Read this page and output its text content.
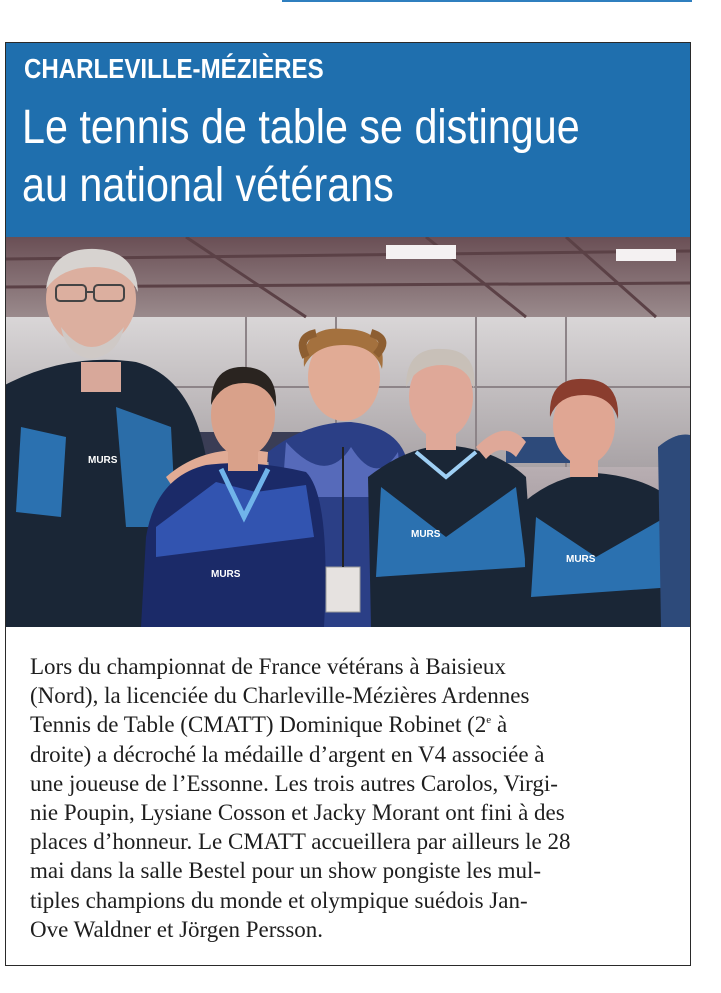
CHARLEVILLE-MÉZIÈRES
Le tennis de table se distingue
au national vétérans
MURS
MURS
MURS
MURS

Lors du championnat de France vétérans à Baisieux
(Nord), la licenciée du Charleville-Mézières Ardennes
Tennis de Table (CMATT) Dominique Robinet (2e à
droite) a décroché la médaille d’argent en V4 associée à
une joueuse de l’Essonne. Les trois autres Carolos, Virgi-
nie Poupin, Lysiane Cosson et Jacky Morant ont fini à des
places d’honneur. Le CMATT accueillera par ailleurs le 28
mai dans la salle Bestel pour un show pongiste les mul-
tiples champions du monde et olympique suédois Jan-
Ove Waldner et Jörgen Persson.
